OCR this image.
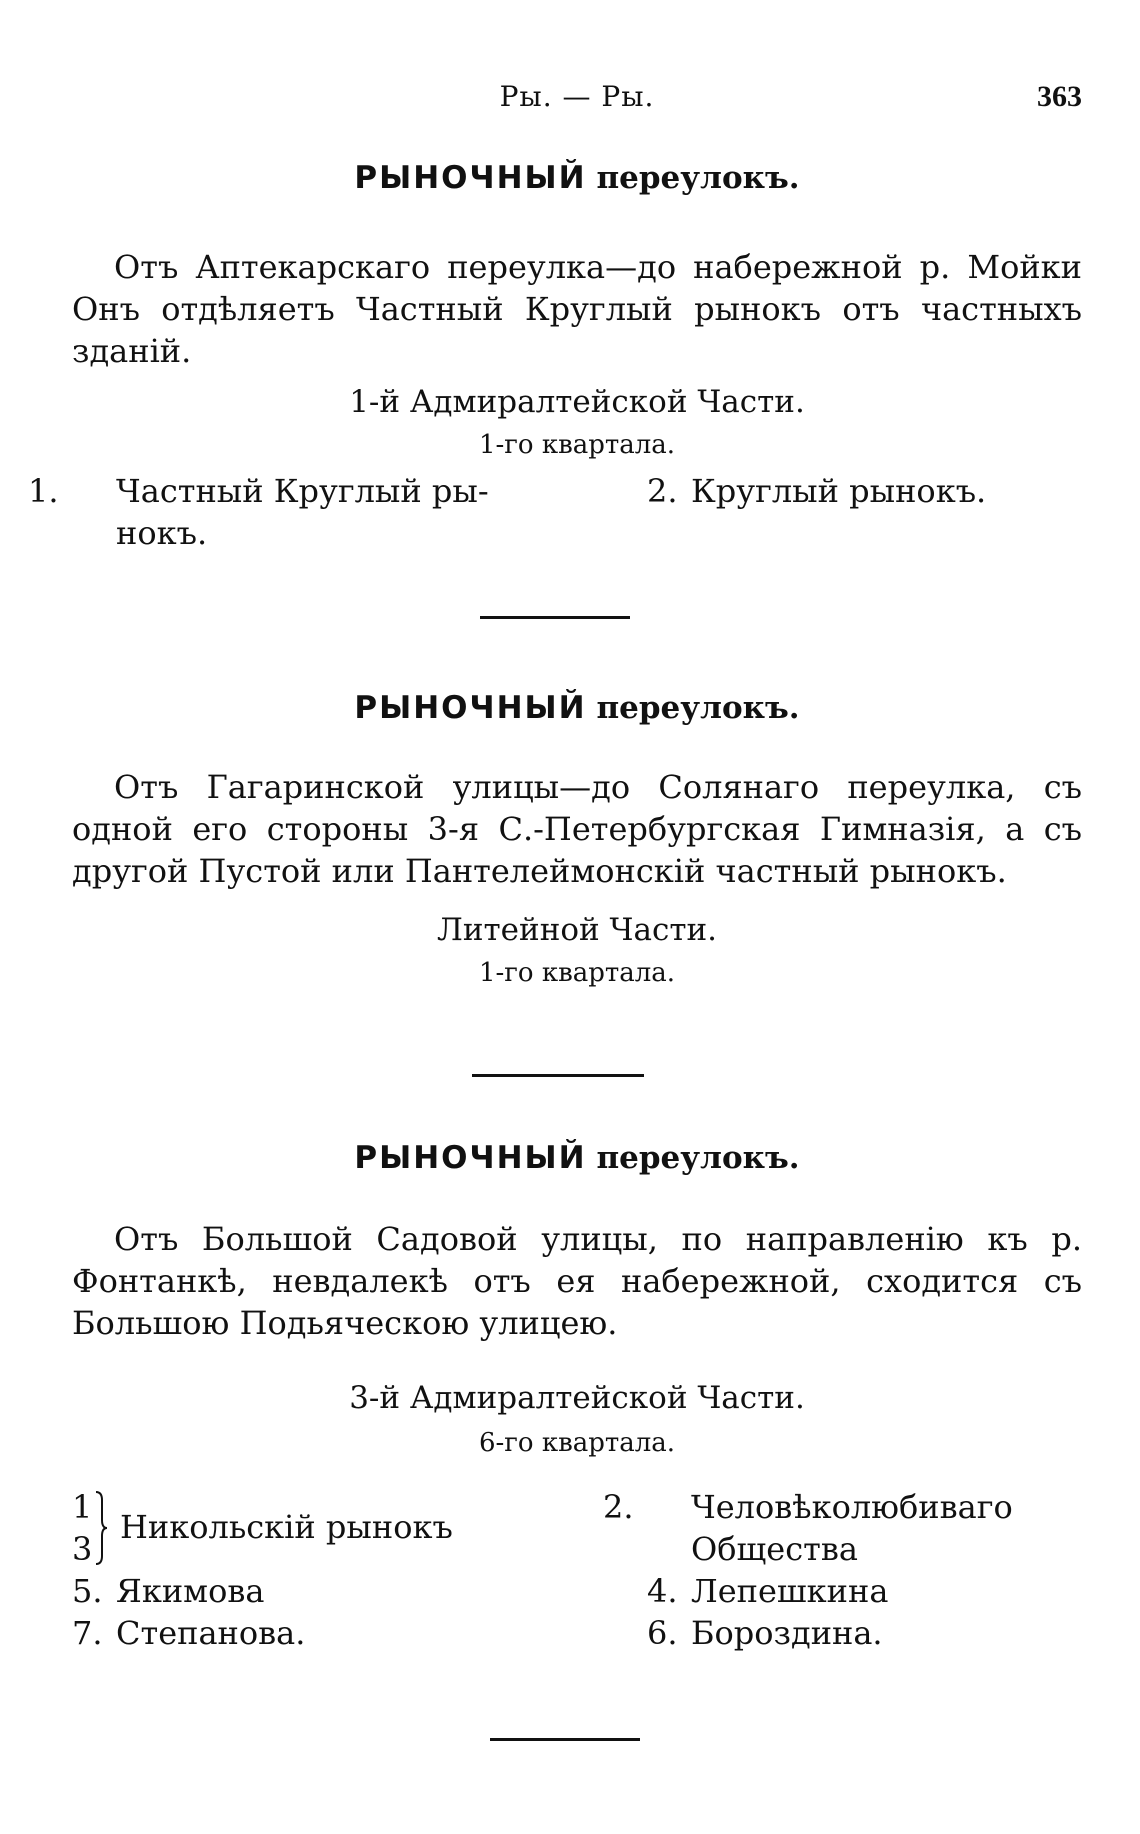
Ры. — Ры.	363

РЫНОЧНЫЙ переулокъ.

Отъ Аптекарскаго переулка—до набережной р. Мойки Онъ отдѣляетъ Частный Круглый рынокъ отъ частныхъ зданій.

1-й Адмиралтейской Части.

1-го квартала.

1. Частный Круглый ры-нокъ.
2. Круглый рынокъ.

РЫНОЧНЫЙ переулокъ.

Отъ Гагаринской улицы—до Солянаго переулка, съ одной его стороны 3-я С.-Петербургская Гимназія, а съ другой Пустой или Пантелеймонскій частный рынокъ.

Литейной Части.

1-го квартала.

РЫНОЧНЫЙ переулокъ.

Отъ Большой Садовой улицы, по направленію къ р. Фонтанкѣ, невдалекѣ отъ ея набережной, сходится съ Большою Подьяческою улицею.

3-й Адмиралтейской Части.

6-го квартала.

1
3
Никольскій рынокъ
5. Якимова
7. Степанова.
2. Человѣколюбиваго Общества
4. Лепешкина
6. Бороздина.
